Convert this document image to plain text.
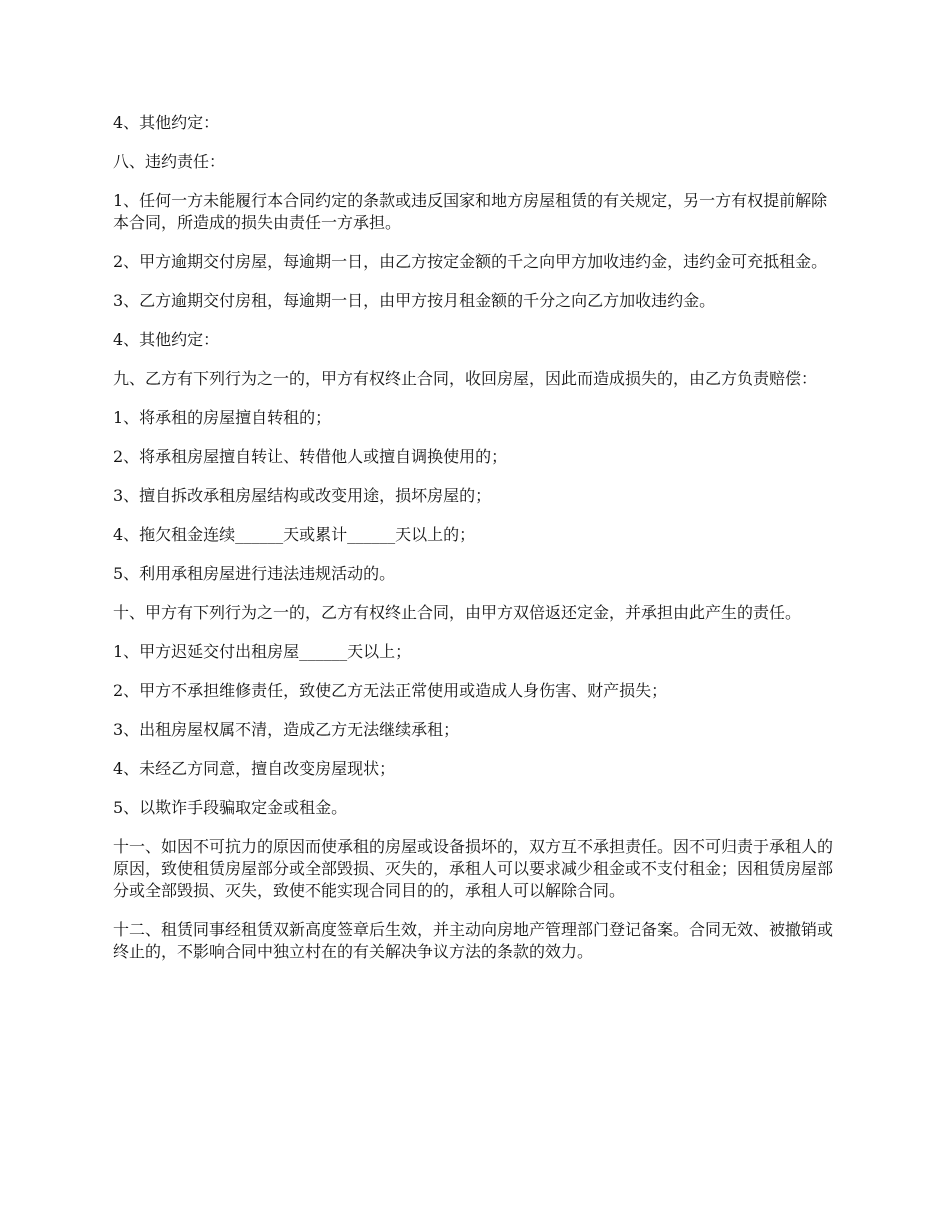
4、其他约定：

八、违约责任：

1、任何一方未能履行本合同约定的条款或违反国家和地方房屋租赁的有关规定，另一方有权提前解除本合同，所造成的损失由责任一方承担。

2、甲方逾期交付房屋，每逾期一日，由乙方按定金额的千之向甲方加收违约金，违约金可充抵租金。

3、乙方逾期交付房租，每逾期一日，由甲方按月租金额的千分之向乙方加收违约金。

4、其他约定：

九、乙方有下列行为之一的，甲方有权终止合同，收回房屋，因此而造成损失的，由乙方负责赔偿：

1、将承租的房屋擅自转租的；

2、将承租房屋擅自转让、转借他人或擅自调换使用的；

3、擅自拆改承租房屋结构或改变用途，损坏房屋的；

4、拖欠租金连续______天或累计______天以上的；

5、利用承租房屋进行违法违规活动的。

十、甲方有下列行为之一的，乙方有权终止合同，由甲方双倍返还定金，并承担由此产生的责任。

1、甲方迟延交付出租房屋______天以上；

2、甲方不承担维修责任，致使乙方无法正常使用或造成人身伤害、财产损失；

3、出租房屋权属不清，造成乙方无法继续承租；

4、未经乙方同意，擅自改变房屋现状；

5、以欺诈手段骗取定金或租金。

十一、如因不可抗力的原因而使承租的房屋或设备损坏的，双方互不承担责任。因不可归责于承租人的原因，致使租赁房屋部分或全部毁损、灭失的，承租人可以要求减少租金或不支付租金；因租赁房屋部分或全部毁损、灭失，致使不能实现合同目的的，承租人可以解除合同。

十二、租赁同事经租赁双新高度签章后生效，并主动向房地产管理部门登记备案。合同无效、被撤销或终止的，不影响合同中独立村在的有关解决争议方法的条款的效力。
